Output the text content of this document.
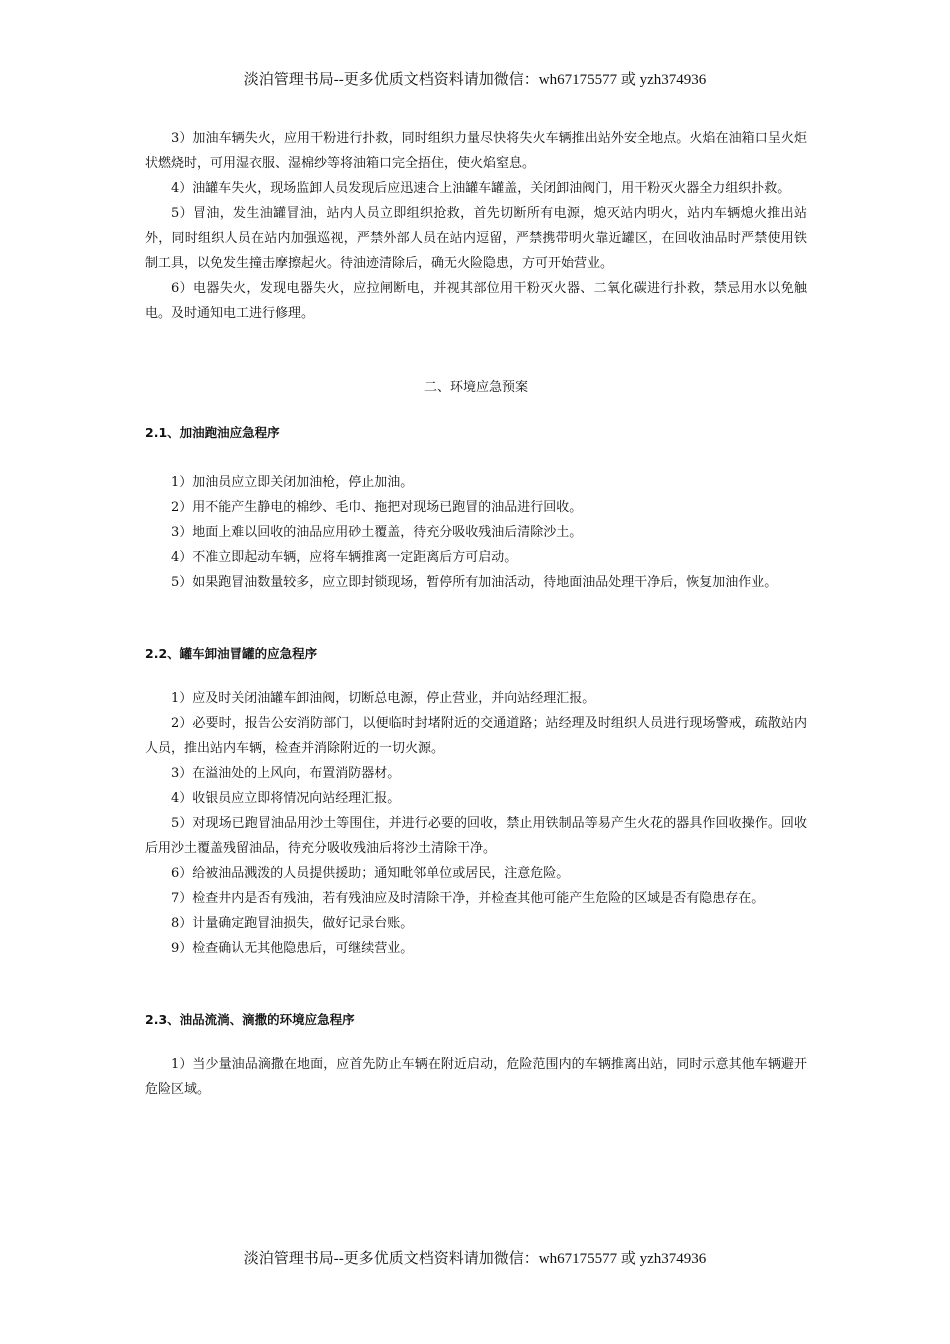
淡泊管理书局--更多优质文档资料请加微信：wh67175577 或 yzh374936

3）加油车辆失火，应用干粉进行扑救，同时组织力量尽快将失火车辆推出站外安全地点。火焰在油箱口呈火炬状燃烧时，可用湿衣服、湿棉纱等将油箱口完全捂住，使火焰窒息。

4）油罐车失火，现场监卸人员发现后应迅速合上油罐车罐盖，关闭卸油阀门，用干粉灭火器全力组织扑救。

5）冒油，发生油罐冒油，站内人员立即组织抢救，首先切断所有电源，熄灭站内明火，站内车辆熄火推出站外，同时组织人员在站内加强巡视，严禁外部人员在站内逗留，严禁携带明火靠近罐区，在回收油品时严禁使用铁制工具，以免发生撞击摩擦起火。待油迹清除后，确无火险隐患，方可开始营业。

6）电器失火，发现电器失火，应拉闸断电，并视其部位用干粉灭火器、二氧化碳进行扑救，禁忌用水以免触电。及时通知电工进行修理。

二、环境应急预案

2.1、加油跑油应急程序

1）加油员应立即关闭加油枪，停止加油。

2）用不能产生静电的棉纱、毛巾、拖把对现场已跑冒的油品进行回收。

3）地面上难以回收的油品应用砂土覆盖，待充分吸收残油后清除沙土。

4）不准立即起动车辆，应将车辆推离一定距离后方可启动。

5）如果跑冒油数量较多，应立即封锁现场，暂停所有加油活动，待地面油品处理干净后，恢复加油作业。

2.2、罐车卸油冒罐的应急程序

1）应及时关闭油罐车卸油阀，切断总电源，停止营业，并向站经理汇报。

2）必要时，报告公安消防部门，以便临时封堵附近的交通道路；站经理及时组织人员进行现场警戒，疏散站内人员，推出站内车辆，检查并消除附近的一切火源。

3）在溢油处的上风向，布置消防器材。

4）收银员应立即将情况向站经理汇报。

5）对现场已跑冒油品用沙土等围住，并进行必要的回收，禁止用铁制品等易产生火花的器具作回收操作。回收后用沙土覆盖残留油品，待充分吸收残油后将沙土清除干净。

6）给被油品溅泼的人员提供援助；通知毗邻单位或居民，注意危险。

7）检查井内是否有残油，若有残油应及时清除干净，并检查其他可能产生危险的区域是否有隐患存在。

8）计量确定跑冒油损失，做好记录台账。

9）检查确认无其他隐患后，可继续营业。

2.3、油品流淌、滴撒的环境应急程序

1）当少量油品滴撒在地面，应首先防止车辆在附近启动，危险范围内的车辆推离出站，同时示意其他车辆避开危险区域。

淡泊管理书局--更多优质文档资料请加微信：wh67175577 或 yzh374936
